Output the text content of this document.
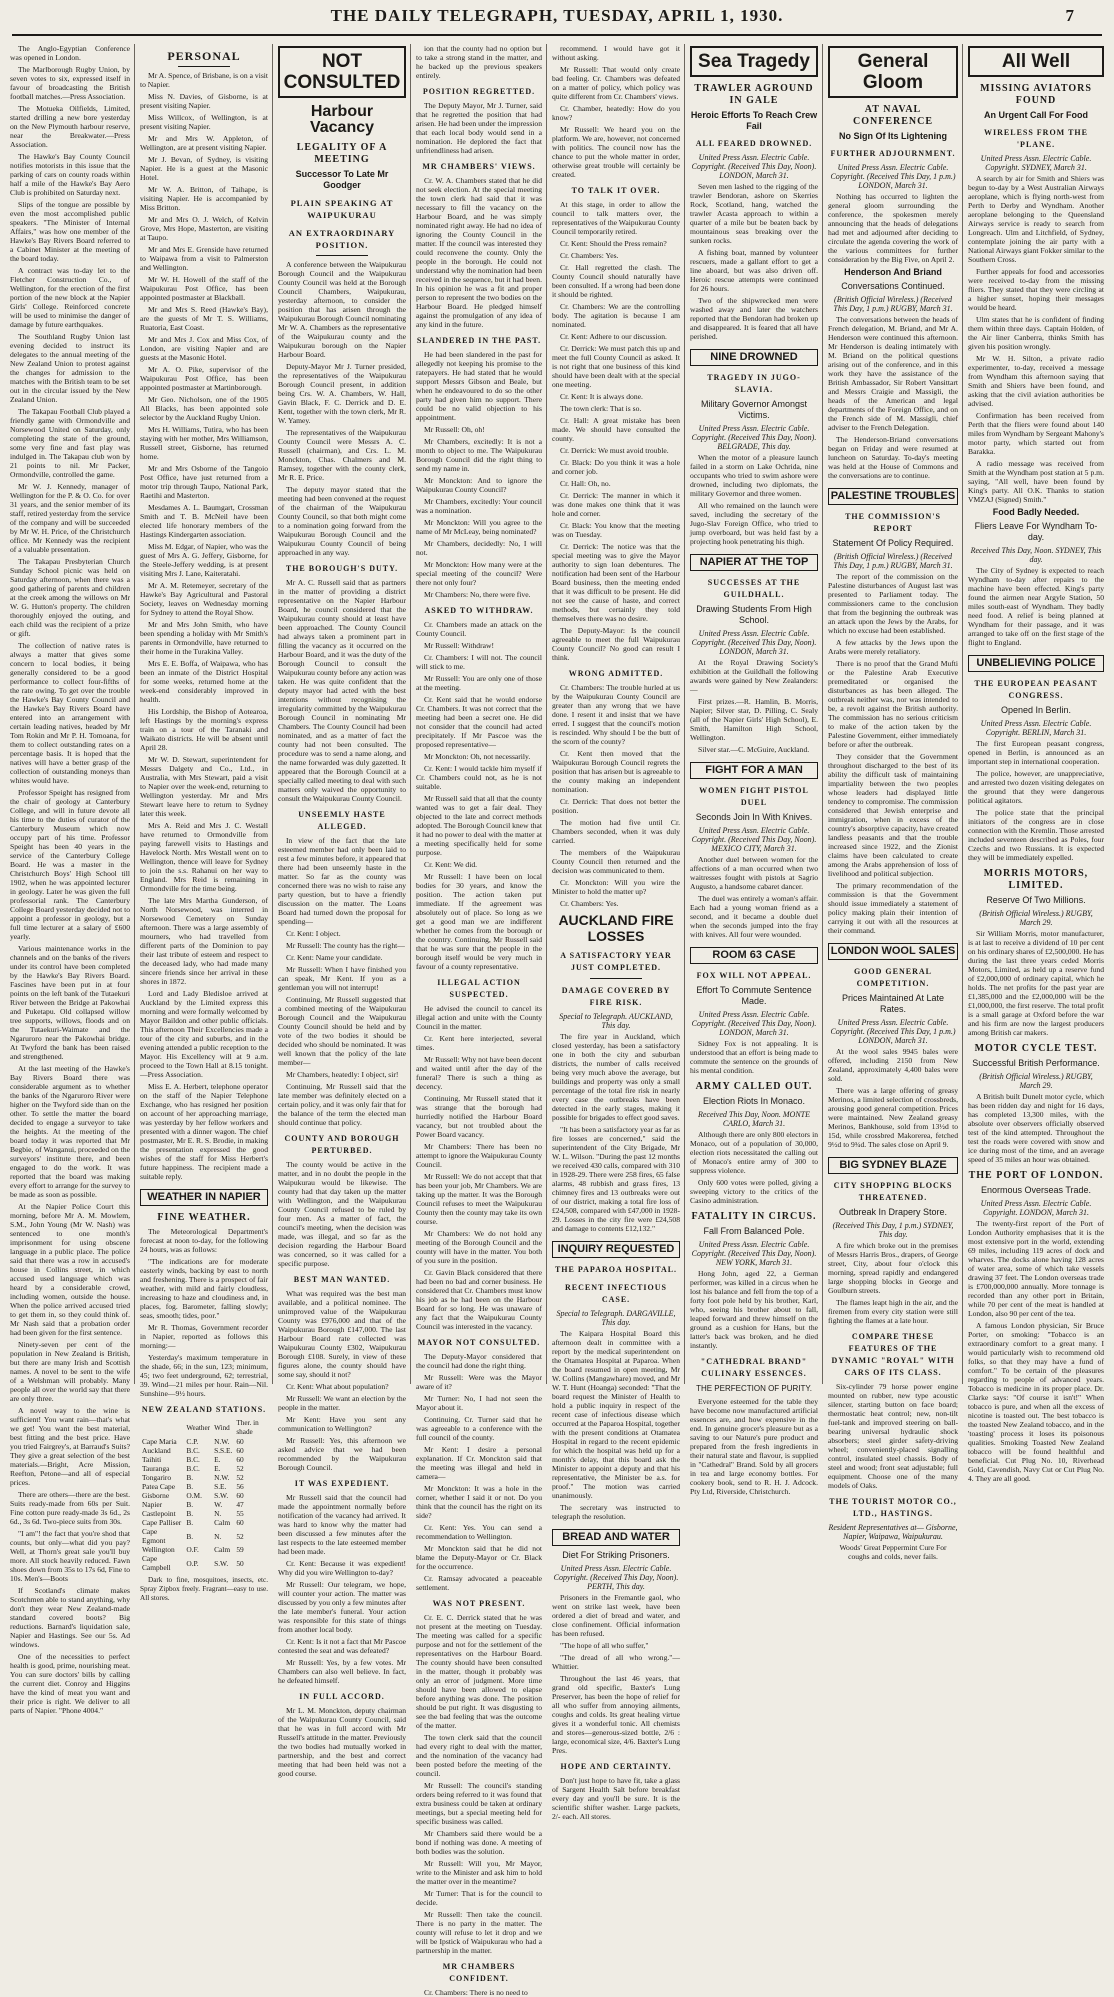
THE DAILY TELEGRAPH, TUESDAY, APRIL 1, 1930.	7

The Anglo-Egyptian Conference was opened in London.

The Marlborough Rugby Union, by seven votes to six, expressed itself in favour of broadcasting the British football matches.—Press Association.

The Motueka Oilfields, Limited, started drilling a new bore yesterday on the New Plymouth harbour reserve, near the Breakwater.—Press Association.

The Hawke's Bay County Council notifies motorists in this issue that the parking of cars on county roads within half a mile of the Hawke's Bay Aero Club is prohibited on Saturday next.

Slips of the tongue are possible by even the most accomplished public speakers. "The Minister of Internal Affairs," was how one member of the Hawke's Bay Rivers Board referred to a Cabinet Minister at the meeting of the board today.

A contract was to-day let to the Fletcher Construction Co., of Wellington, for the erection of the first portion of the new block at the Napier Girls' College. Reinforced concrete will be used to minimise the danger of damage by future earthquakes.

The Southland Rugby Union last evening decided to instruct its delegates to the annual meeting of the New Zealand Union to protest against the changes for admission to the matches with the British team to be set out in the circular issued by the New Zealand Union.

The Takapau Football Club played a friendly game with Ormondville and Norsewood United on Saturday, only completing the state of the ground, some very fine and fast play was indulged in. The Takapau club won by 21 points to nil. Mr Packer, Ormondville, controlled the game.

Mr W. J. Kennedy, manager of Wellington for the P. & O. Co. for over 31 years, and the senior member of its staff, retired yesterday from the service of the company and will be succeeded by Mr W. H. Price, of the Christchurch office. Mr Kennedy was the recipient of a valuable presentation.

The Takapau Presbyterian Church Sunday School picnic was held on Saturday afternoon, when there was a good gathering of parents and children at the creek among the willows on Mr W. G. Hutton's property. The children thoroughly enjoyed the outing, and each child was the recipient of a prize or gift.

The collection of native rates is always a matter that gives some concern to local bodies, it being generally considered to be a good performance to collect four-fifths of the rate owing. To get over the trouble the Hawke's Bay County Council and the Hawke's Bay Rivers Board have entered into an arrangement with certain leading natives, headed by Mr Tom Rokin and Mr P. H. Tomoana, for them to collect outstanding rates on a percentage basis. It is hoped that the natives will have a better grasp of the collection of outstanding moneys than whites would have.

Professor Speight has resigned from the chair of geology at Canterbury College, and will in future devote all his time to the duties of curator of the Canterbury Museum which now occupy part of his time. Professor Speight has been 40 years in the service of the Canterbury College Board. He was a master in the Christchurch Boys' High School till 1902, when he was appointed lecturer in geology. Later he was given the full professorial rank. The Canterbury College Board yesterday decided not to appoint a professor in geology, but a full time lecturer at a salary of £600 yearly.

Various maintenance works in the channels and on the banks of the rivers under its control have been completed by the Hawke's Bay Rivers Board. Fascines have been put in at four points on the left bank of the Tutaekuri River between the Bridge at Pakowhai and Puketapu. Old collapsed willow tree supports, willows, floods and on the Tutaekuri-Waimate and the Ngaruroro near the Pakowhai bridge. At Twyford the bank has been raised and strengthened.

At the last meeting of the Hawke's Bay Rivers Board there was considerable argument as to whether the banks of the Ngaruroro River were higher on the Twyford side than on the other. To settle the matter the board decided to engage a surveyor to take the heights. At the meeting of the board today it was reported that Mr Begbie, of Wanganui, proceeded on the surveyors' institute there, and been engaged to do the work. It was reported that the board was making every effort to arrange for the survey to be made as soon as possible.

At the Napier Police Court this morning, before Mr A. M. Mowlem, S.M., John Young (Mr W. Nash) was sentenced to one month's imprisonment for using obscene language in a public place. The police said that there was a row in accused's house in Collins street, in which accused used language which was heard by a considerable crowd, including women, outside the house. When the police arrived accused tried to get them in, so they could think of. Mr Nash said that a probation order had been given for the first sentence.

Ninety-seven per cent of the population in New Zealand is British, but there are many Irish and Scottish names. A novel to be sent to the wife of a Welshman will probably. Many people all over the world say that there are only three.

A novel way to the wine is sufficient! You want rain—that's what we get! You want the best material, best fitting and the best price. Have you tried Fairgrey's, at Barraud's Suits? They give a great selection of the best materials.—Bright, Acre Mission, Reefton, Petone—and all of especial prices.

There are others—there are the best. Suits ready-made from 60s per Suit. Fine cotton pure ready-made 3s 6d., 2s 6d., 3s 6d. Two-piece suits from 30s.

"I am"! the fact that you're shod that counts, but only—what did you pay? Well, at Thorn's great sale you'll buy more. All stock heavily reduced. Fawn shoes down from 35s to 17s 6d, Fine to 10s. Men's—Boots

If Scotland's climate makes Scotchmen able to stand anything, why don't they wear New Zealand-made standard covered boots? Big reductions. Barnard's liquidation sale, Napier and Hastings. See our 5s. Ad windows.

One of the necessities to perfect health is good, prime, nourishing meat. You can sure doctors' bills by calling the current diet. Conroy and Higgins have the kind of meat you want and their price is right. We deliver to all parts of Napier. "Phone 4004."

PERSONAL

Mr A. Spence, of Brisbane, is on a visit to Napier.

Miss N. Davies, of Gisborne, is at present visiting Napier.

Miss Willcox, of Wellington, is at present visiting Napier.

Mr and Mrs W. Appleton, of Wellington, are at present visiting Napier.

Mr J. Bevan, of Sydney, is visiting Napier. He is a guest at the Masonic Hotel.

Mr W. A. Britton, of Taihape, is visiting Napier. He is accompanied by Miss Britton.

Mr and Mrs O. J. Welch, of Kelvin Grove, Mrs Hope, Masterton, are visiting at Taupo.

Mr and Mrs E. Grenside have returned to Waipawa from a visit to Palmerston and Wellington.

Mr W. H. Howell of the staff of the Waipukurau Post Office, has been appointed postmaster at Blackball.

Mr and Mrs S. Reed (Hawke's Bay), are the guests of Mr T. S. Williams, Ruatoria, East Coast.

Mr and Mrs J. Cox and Miss Cox, of London, are visiting Napier and are guests at the Masonic Hotel.

Mr A. O. Pike, supervisor of the Waipukurau Post Office, has been appointed postmaster at Martinborough.

Mr Geo. Nicholson, one of the 1905 All Blacks, has been appointed sole selector by the Auckland Rugby Union.

Mrs H. Williams, Tutira, who has been staying with her mother, Mrs Williamson, Russell street, Gisborne, has returned home.

Mr and Mrs Osborne of the Tangoio Post Office, have just returned from a motor trip through Taupo, National Park, Raetihi and Masterton.

Mesdames A. L. Baumgart, Crossman Smith and T. B. McNeil have been elected life honorary members of the Hastings Kindergarten association.

Miss M. Edgar, of Napier, who was the guest of Mrs A. G. Jeffery, Gisborne, for the Steele-Jeffery wedding, is at present visiting Mrs J. Lane, Kaiteratahi.

Mr A. M. Retemeyer, secretary of the Hawke's Bay Agricultural and Pastoral Society, leaves on Wednesday morning for Sydney to attend the Royal Show.

Mr and Mrs John Smith, who have been spending a holiday with Mr Smith's parents in Ormondville, have returned to their home in the Turakina Valley.

Mrs E. E. Boffa, of Waipawa, who has been an inmate of the District Hospital for some weeks, returned home at the week-end considerably improved in health.

His Lordship, the Bishop of Aotearoa, left Hastings by the morning's express train on a tour of the Taranaki and Waikato districts. He will be absent until April 28.

Mr W. D. Stewart, superintendent for Messrs Dalgety and Co., Ltd., in Australia, with Mrs Stewart, paid a visit to Napier over the week-end, returning to Wellington yesterday. Mr and Mrs Stewart leave here to return to Sydney later this week.

Mrs A. Reid and Mrs J. C. Westall have returned to Ormondville from paying farewell visits to Hastings and Havelock North. Mrs Westall went on to Wellington, thence will leave for Sydney to join the s.s. Rahanui on her way to England. Mrs Reid is remaining in Ormondville for the time being.

The late Mrs Martha Gunderson, of North Norsewood, was interred in Norsewood Cemetery on Sunday afternoon. There was a large assembly of mourners, who had travelled from different parts of the Dominion to pay their last tribute of esteem and respect to the deceased lady, who had made many sincere friends since her arrival in these shores in 1872.

Lord and Lady Bledisloe arrived at Auckland by the Limited express this morning and were formally welcomed by Mayor Baildon and other public officials. This afternoon Their Excellencies made a tour of the city and suburbs, and in the evening attended a public reception to the Mayor. His Excellency will at 9 a.m. proceed to the Town Hall at 8.15 tonight.—Press Association.

Miss E. A. Herbert, telephone operator on the staff of the Napier Telephone Exchange, who has resigned her position on account of her approaching marriage, was yesterday by her fellow workers and presented with a dinner wagon. The chief postmaster, Mr E. R. S. Brodie, in making the presentation expressed the good wishes of the staff for Miss Herbert's future happiness. The recipient made a suitable reply.

WEATHER IN NAPIER
FINE WEATHER.

The Meteorological Department's forecast at noon to-day, for the following 24 hours, was as follows:

"The indications are for moderate easterly winds, backing by east to north and freshening. There is a prospect of fair weather, with mild and fairly cloudless, increasing to haze and cloudiness and, in places, fog. Barometer, falling slowly; seas, smooth; tides, poor."

Mr R. Thomas, Government recorder in Napier, reported as follows this morning:—

Yesterday's maximum temperature in the shade, 66; in the sun, 123; minimum, 45; two feet underground, 62; terrestrial, 39. Wind—21 miles per hour. Rain—Nil. Sunshine—9½ hours.

NEW ZEALAND STATIONS.
	Weather	Wind	Ther. in shade
Cape Maria	C.P.	N.W.	60
Auckland	B.C.	S.S.E.	60
Taihiti	B.C.	E.	60
Tauranga	B.C.	E.	52
Tongariro	B.	N.W.	52
Patea Cape	B.	S.E.	56
Gisborne	O.M.	S.W.	60
Napier	B.	W.	47
Castlepoint	B.	N.	55
Cape Palliser	B.	Calm	60
Cape Egmont	B.	N.	52
Wellington	O.F.	Calm	59
Cape Campbell	O.P.	S.W.	50

Dark to fine, mosquitoes, insects, etc. Spray Zipbox freely. Fragrant—easy to use. All stores.

NOT CONSULTED
Harbour Vacancy
LEGALITY OF A MEETING
Successor To Late Mr Goodger
PLAIN SPEAKING AT WAIPUKURAU
AN EXTRAORDINARY POSITION.

A conference between the Waipukurau Borough Council and the Waipukurau County Council was held at the Borough Council Chambers, Waipukurau, yesterday afternoon, to consider the position that has arisen through the Waipukurau Borough Council nominating Mr W. A. Chambers as the representative of the Waipukurau county and the Waipukurau borough on the Napier Harbour Board.

Deputy-Mayor Mr J. Turner presided, the representatives of the Waipukurau Borough Council present, in addition being Crs. W. A. Chambers, W. Hall, Gavin Black, F. C. Derrick and D. E. Kent, together with the town clerk, Mr R. W. Yamey.

The representatives of the Waipukurau County Council were Messrs A. C. Russell (chairman), and Crs. L. M. Monckton, Chas. Chalmers and M. Ramsey, together with the county clerk, Mr R. E. Price.

The deputy mayor stated that the meeting had been convened at the request of the chairman of the Waipukurau County Council, so that both might come to a nomination going forward from the Waipukurau Borough Council and the Waipukurau County Council of being approached in any way.

THE BOROUGH'S DUTY.

Mr A. C. Russell said that as partners in the matter of providing a district representative on the Napier Harbour Board, he council considered that the Waipukurau county should at least have been approached. The County Council had always taken a prominent part in filling the vacancy as it occurred on the Harbour Board, and it was the duty of the Borough Council to consult the Waipukurau county before any action was taken. He was quite confident that the deputy mayor had acted with the best intentions without recognising the irregularity committed by the Waipukurau Borough Council in nominating Mr Chambers. The County Council had been nominated, and as a matter of fact the county had not been consulted. The procedure was to send a name along, and the name forwarded was duly gazetted. It appeared that the Borough Council at a specially called meeting to deal with such matters only waived the opportunity to consult the Waipukurau County Council.

UNSEEMLY HASTE ALLEGED.

In view of the fact that the late esteemed member had only been laid to rest a few minutes before, it appeared that there had been unseemly haste in the matter. So far as the county was concerned there was no wish to raise any party question, but to have a friendly discussion on the matter. The Loans Board had turned down the proposal for spending—

Cr. Kent: I object.

Mr Russell: The county has the right—

Cr. Kent: Name your candidate.

Mr Russell: When I have finished you can speak, Mr Kent. If you as a gentleman you will not interrupt!

Continuing, Mr Russell suggested that a combined meeting of the Waipukurau Borough Council and the Waipukurau County Council should be held and by vote of the two bodies it should be decided who should be nominated. It was well known that the policy of the late member—

Mr Chambers, heatedly: I object, sir!

Continuing, Mr Russell said that the late member was definitely elected on a certain policy, and it was only fair that for the balance of the term the elected man should continue that policy.

COUNTY AND BOROUGH PERTURBED.

The county would be active in the matter, and in no doubt the people in the Waipukurau would be likewise. The county had that day taken up the matter with Wellington, and the Waipukurau County Council refused to be ruled by four men. As a matter of fact, the council's meeting, when the decision was made, was illegal, and so far as the decision regarding the Harbour Board was concerned, so it was called for a specific purpose.

BEST MAN WANTED.

What was required was the best man available, and a political nominee. The unimproved value of the Waipukurau County was £976,000 and that of the Waipukurau Borough £147,000. The last Harbour Board rate collected was Waipukurau County £302, Waipukurau Borough £108. Surely, in view of these figures alone, the county should have some say, should it not?

Cr. Kent: What about population?

Mr Russell: We want an election by the people in the matter.

Mr Kent: Have you sent any communication to Wellington?

Mr Russell: Yes, this afternoon we asked advice that we had been recommended by the Waipukurau Borough Council.

IT WAS EXPEDIENT.

Mr Russell said that the council had made the appointment normally before notification of the vacancy had arrived. It was hard to know why the matter had been discussed a few minutes after the last respects to the late esteemed member had been made.

Cr. Kent: Because it was expedient! Why did you wire Wellington to-day?

Mr Russell: Our telegram, we hope, will counter your action. The matter was discussed by you only a few minutes after the late member's funeral. Your action was responsible for this state of things from another local body.

Cr. Kent: Is it not a fact that Mr Pascoe contested the seat and was defeated?

Mr Russell: Yes, by a few votes. Mr Chambers can also well believe. In fact, he defeated himself.

IN FULL ACCORD.

Mr L. M. Monckton, deputy chairman of the Waipukurau County Council, said that he was in full accord with Mr Russell's attitude in the matter. Previously the two bodies had mutually worked in partnership, and the best and correct meeting that had been held was not a good course.

ion that the county had no option but to take a strong stand in the matter, and he backed up the previous speakers entirely.

POSITION REGRETTED.

The Deputy Mayor, Mr J. Turner, said that he regretted the position that had arisen. He had been under the impression that each local body would send in a nomination. He deplored the fact that unfriendliness had arisen.

MR CHAMBERS' VIEWS.

Cr. W. A. Chambers stated that he did not seek election. At the special meeting the town clerk had said that it was necessary to fill the vacancy on the Harbour Board, and he was simply nominated right away. He had no idea of ignoring the County Council in the matter. If the council was interested they could reconvene the county. Only the people in the borough. He could not understand why the nomination had been received in the sequence, but it had been. In his opinion he was a fit and proper person to represent the two bodies on the Harbour Board. He pledged himself against the promulgation of any idea of any kind in the future.

SLANDERED IN THE PAST.

He had been slandered in the past for allegedly not keeping his promise to the ratepayers. He had stated that he would support Messrs Gibson and Beale, but when he endeavoured to do so the other party had given him no support. There could be no valid objection to his appointment.

Mr Russell: Oh, oh!

Mr Chambers, excitedly: It is not a month to object to me. The Waipukurau Borough Council did the right thing to send my name in.

Mr Monckton: And to ignore the Waipukurau County Council?

Mr Chambers, excitedly: Your council was a nomination.

Mr Monckton: Will you agree to the name of Mr McLeay, being nominated?

Mr Chambers, decidedly: No, I will not.

Mr Monckton: How many were at the special meeting of the council? Were there not only four?

Mr Chambers: No, there were five.

ASKED TO WITHDRAW.

Cr. Chambers made an attack on the County Council.

Mr Russell: Withdraw!

Cr. Chambers: I will not. The council will stick to me.

Mr Russell: You are only one of those at the meeting.

Cr. Kent said that he would endorse Cr. Chambers. It was not correct that the meeting had been a secret one. He did not consider that the council had acted precipitately. If Mr Pascoe was the proposed representative—

Mr Monckton: Oh, not necessarily.

Cr. Kent: I would tackle him myself if Cr. Chambers could not, as he is not suitable.

Mr Russell said that all that the county wanted was to get a fair deal. They objected to the late and correct methods adopted. The Borough Council knew that it had no power to deal with the matter at a meeting specifically held for some purpose.

Cr. Kent: We did.

Mr Russell: I have been on local bodies for 30 years, and know the position. The action taken put immediate. If the agreement was absolutely out of place. So long as we get a good man we are indifferent whether he comes from the borough or the country. Continuing, Mr Russell said that he was sure that the people in the borough itself would be very much in favour of a county representative.

ILLEGAL ACTION SUSPECTED.

He advised the council to cancel its illegal action and unite with the County Council in the matter.

Cr. Kent here interjected, several times.

Mr Russell: Why not have been decent and waited until after the day of the funeral? There is such a thing as decency.

Continuing, Mr Russell stated that it was strange that the borough had hurriedly notified the Harbour Board vacancy, but not troubled about the Power Board vacancy.

Mr Chambers: There has been no attempt to ignore the Waipukurau County Council.

Mr Russell: We do not accept that that has been your job, Mr Chambers. We are taking up the matter. It was the Borough Council refuses to meet the Waipukurau County then the county may take its own course.

Mr Chambers: We do not hold any meeting of the Borough Council and the county will have in the matter. You both of you sure in the position.

Cr. Gavin Black considered that there had been no bad and corner business. He considered that Cr. Chambers must know his job as he had been on the Harbour Board for so long. He was unaware of any fact that the Waipukurau County Council was interested in the vacancy.

MAYOR NOT CONSULTED.

The Deputy-Mayor considered that the council had done the right thing.

Mr Russell: Were was the Mayor aware of it?

Mr Turner: No, I had not seen the Mayor about it.

Continuing, Cr. Turner said that he was agreeable to a conference with the full council of the county.

Mr Kent: I desire a personal explanation. If Cr. Monckton said that the meeting was illegal and held in camera—

Mr Monckton: It was a hole in the corner, whether I said it or not. Do you think that the council has the right on its side?

Cr. Kent: Yes. You can send a recommendation to Wellington.

Mr Monckton said that he did not blame the Deputy-Mayor or Cr. Black for the occurrence.

Cr. Ramsay advocated a peaceable settlement.

WAS NOT PRESENT.

Cr. E. C. Derrick stated that he was not present at the meeting on Tuesday. The meeting was called for a specific purpose and not for the settlement of the representatives on the Harbour Board. The county should have been consulted in the matter, though it probably was only an error of judgment. More time should have been allowed to elapse before anything was done. The position should be put right. It was disgusting to see the bad feeling that was the outcome of the matter.

The town clerk said that the council had every right to deal with the matter, and the nomination of the vacancy had been posted before the meeting of the council.

Mr Russell: The council's standing orders being referred to it was found that extra business could be taken at ordinary meetings, but a special meeting held for specific business was called.

Mr Chambers said there would be a bond if nothing was done. A meeting of both bodies was the solution.

Mr Russell: Will you, Mr Mayor, write to the Minister and ask him to hold the matter over in the meantime?

Mr Turner: That is for the council to decide.

Mr Russell: Then take the council. There is no party in the matter. The county will refuse to let it drop and we will be Ipstick of Waipukurau who had a partnership in the matter.

MR CHAMBERS CONFIDENT.

Cr. Chambers: There is no need to

recommend. I would have got it without asking.

Mr Russell: That would only create bad feeling. Cr. Chambers was defeated on a matter of policy, which policy was quite different from Cr. Chambers' views.

Cr. Chamber, heatedly: How do you know?

Mr Russell: We heard you on the platform. We are, however, not concerned with politics. The council now has the chance to put the whole matter in order, otherwise great trouble will certainly be created.

TO TALK IT OVER.

At this stage, in order to allow the council to talk matters over, the representatives of the Waipukurau County Council temporarily retired.

Cr. Kent: Should the Press remain?

Cr. Chambers: Yes.

Cr. Hall regretted the clash. The County Council should naturally have been consulted. If a wrong had been done it should be righted.

Cr. Chambers: We are the controlling body. The agitation is because I am nominated.

Cr. Kent: Adhere to our discussion.

Cr. Derrick: We must patch this up and meet the full County Council as asked. It is not right that one business of this kind should have been dealt with at the special one meeting.

Cr. Kent: It is always done.

The town clerk: That is so.

Cr. Hall: A great mistake has been made. We should have consulted the county.

Cr. Derrick: We must avoid trouble.

Cr. Black: Do you think it was a hole and corner job.

Cr. Hall: Oh, no.

Cr. Derrick: The manner in which it was done makes one think that it was hole and corner.

Cr. Black: You know that the meeting was on Tuesday.

Cr. Derrick: The notice was that the special meeting was to give the Mayor authority to sign loan debentures. The notification had been sent of the Harbour Board business, then the meeting ended that it was difficult to be present. He did not see the cause of haste, and correct methods, but certainly they told themselves there was no desire.

The Deputy-Mayor: Is the council agreeable to meet the full Waipukurau County Council? No good can result I think.

WRONG ADMITTED.

Cr. Chambers: The trouble hurled at us by the Waipukurau County Council are greater than any wrong that we have done. I resent it and insist that we have erred. I suggest that the council's motion is rescinded. Why should I be the butt of the scorn of the county?

Cr. Kent then moved that the Waipukurau Borough Council regrets the position that has arisen but is agreeable to the county making an independent nomination.

Cr. Derrick: That does not better the position.

The motion had five until Cr. Chambers seconded, when it was duly carried.

The members of the Waipukurau County Council then returned and the decision was communicated to them.

Cr. Monckton: Will you wire the Minister to hold the matter up?

Cr. Chambers: Yes.

AUCKLAND FIRE LOSSES
A SATISFACTORY YEAR JUST COMPLETED.
DAMAGE COVERED BY FIRE RISK.
Special to Telegraph. AUCKLAND, This day.

The fire year in Auckland, which closed yesterday, has been a satisfactory one in both the city and suburban districts, the number of calls received being very much above the average, but buildings and property was only a small percentage of the total fire risk in nearly every case the outbreaks have been detected in the early stages, making it possible for brigades to effect good saves.

"It has been a satisfactory year as far as fire losses are concerned," said the superintendent of the City Brigade, Mr W. L. Wilson. "During the past 12 months we received 430 calls, compared with 310 in 1928-29. There were 258 fires, 65 false alarms, 48 rubbish and grass fires, 13 chimney fires and 13 outbreaks were out of our district, making a total fire loss of £24,508, compared with £47,000 in 1928-29. Losses in the city fire were £24,508 and damage to contents £12,132."

INQUIRY REQUESTED
THE PAPAROA HOSPITAL.
RECENT INFECTIOUS CASE.
Special to Telegraph. DARGAVILLE, This day.

The Kaipara Hospital Board this afternoon dealt in committee with a report by the medical superintendent on the Otamatea Hospital at Paparoa. When the board resumed in open meeting, Mr W. Collins (Mangawhare) moved, and Mr W. T. Hunt (Hoanga) seconded: "That the board request the Minister of Health to hold a public inquiry in respect of the recent case of infectious disease which occurred at the Paparoa Hospital, together with the present conditions at Otamatea Hospital in regard to the recent epidemic for which the hospital was held up for a month's delay, that this board ask the Minister to appoint a deputy and that his representative, the Minister be a.s. for proof." The motion was carried unanimously.

The secretary was instructed to telegraph the resolution.

BREAD AND WATER
Diet For Striking Prisoners.
United Press Assn. Electric Cable. Copyright. (Received This Day, Noon). PERTH, This day.

Prisoners in the Fremantle gaol, who went on strike last week, have been ordered a diet of bread and water, and close confinement. Official information has been refused.

"The hope of all who suffer,"

"The dread of all who wrong."—Whittier.

Throughout the last 46 years, that grand old specific, Baxter's Lung Preserver, has been the hope of relief for all who suffer from annoying ailments, coughs and colds. Its great healing virtue gives it a wonderful tonic. All chemists and stores—generous-sized bottle, 2/6 : large, economical size, 4/6. Baxter's Lung Pres.

HOPE AND CERTAINTY.

Don't just hope to have fit, take a glass of Sargent Health Salt before breakfast every day and you'll be sure. It is the scientific shifter washer. Large packets, 2/- each. All stores.

Sea Tragedy
TRAWLER AGROUND IN GALE
Heroic Efforts To Reach Crew Fail
ALL FEARED DROWNED.
United Press Assn. Electric Cable. Copyright. (Received This Day, Noon). LONDON, March 31.

Seven men lashed to the rigging of the trawler Bendoran, ashore on Skerries Rock, Scotland, hang, watched the trawler Acasta approach to within a quarter of a mile but be beaten back by mountainous seas breaking over the sunken rocks.

A fishing boat, manned by volunteer rescuers, made a gallant effort to get a line aboard, but was also driven off. Heroic rescue attempts were continued for 26 hours.

Two of the shipwrecked men were washed away and later the watchers reported that the Bendoran had broken up and disappeared. It is feared that all have perished.

NINE DROWNED
TRAGEDY IN JUGO-SLAVIA.
Military Governor Amongst Victims.
United Press Assn. Electric Cable. Copyright. (Received This Day, Noon). BELGRADE, This day.

When the motor of a pleasure launch failed in a storm on Lake Ochrida, nine occupants who tried to swim ashore were drowned, including two diplomats, the military Governor and three women.

All who remained on the launch were saved, including the secretary of the Jugo-Slav Foreign Office, who tried to jump overboard, but was held fast by a projecting hook penetrating his thigh.

NAPIER AT THE TOP
SUCCESSES AT THE GUILDHALL.
Drawing Students From High School.
United Press Assn. Electric Cable. Copyright. (Received This Day, Noon). LONDON, March 31.

At the Royal Drawing Society's exhibition at the Guildhall the following awards were gained by New Zealanders:—

First prizes.—R. Hamlin, B. Morris, Napier; Silver star, D. Pilling, C. Sealy (all of the Napier Girls' High School), E. Smith, Hamilton High School, Wellington.

Silver star.—C. McGuire, Auckland.

FIGHT FOR A MAN
WOMEN FIGHT PISTOL DUEL
Seconds Join In With Knives.
United Press Assn. Electric Cable. Copyright. (Received This Day, Noon). MEXICO CITY, March 31.

Another duel between women for the affections of a man occurred when two waitresses fought with pistols at Sagrio Augusto, a handsome cabaret dancer.

The duel was entirely a woman's affair. Each had a young woman friend as a second, and it became a double duel when the seconds jumped into the fray with knives. All four were wounded.

ROOM 63 CASE
FOX WILL NOT APPEAL.
Effort To Commute Sentence Made.
United Press Assn. Electric Cable. Copyright. (Received This Day, Noon). LONDON, March 31.

Sidney Fox is not appealing. It is understood that an effort is being made to commute the sentence on the grounds of his mental condition.

ARMY CALLED OUT.
Election Riots In Monaco.
Received This Day, Noon. MONTE CARLO, March 31.

Although there are only 800 electors in Monaco, out of a population of 30,000, election riots necessitated the calling out of Monaco's entire army of 300 to suppress violence.

Only 600 votes were polled, giving a sweeping victory to the critics of the Casino administration.

FATALITY IN CIRCUS.
Fall From Balanced Pole.
United Press Assn. Electric Cable. Copyright. (Received This Day, Noon). NEW YORK, March 31.

Hong John, aged 22, a German performer, was killed in a circus when he lost his balance and fell from the top of a forty foot pole held by his brother, Karl, who, seeing his brother about to fall, leaped forward and threw himself on the ground as a cushion for Hans, but the latter's back was broken, and he died instantly.

"CATHEDRAL BRAND" CULINARY ESSENCES.
THE PERFECTION OF PURITY.

Everyone esteemed for the table they have become now manufactured artificial essences are, and how expensive in the end. In genuine grocer's pleasure but as a saving to our Nature's pure product and prepared from the fresh ingredients in their natural state and flavour, is supplied in "Cathedral" Brand. Sold by all grocers in tea and large economy bottles. For cookery book, send to R. H. J. Adcock. Pty Ltd, Riverside, Christchurch.

General Gloom
AT NAVAL CONFERENCE
No Sign Of Its Lightening
FURTHER ADJOURNMENT.
United Press Assn. Electric Cable. Copyright. (Received This Day, 1 p.m.) LONDON, March 31.

Nothing has occurred to lighten the general gloom surrounding the conference, the spokesmen merely announcing that the heads of delegations had met and adjourned after deciding to circulate the agenda covering the work of the various committees for further consideration by the Big Five, on April 2.

Henderson And Briand
Conversations Continued.
(British Official Wireless.) (Received This Day, 1 p.m.) RUGBY, March 31.

The conversations between the heads of French delegation, M. Briand, and Mr A. Henderson were continued this afternoon. Mr Henderson is dealing intimately with M. Briand on the political questions arising out of the conference, and in this work they have the assistance of the British Ambassador, Sir Robert Vansittart and Messrs Craigie and Massigli, the heads of the American and legal departments of the Foreign Office, and on the French side of M. Massigli, chief adviser to the French Delegation.

The Henderson-Briand conversations began on Friday and were resumed at luncheon on Saturday. To-day's meeting was held at the House of Commons and the conversations are to continue.

PALESTINE TROUBLES
THE COMMISSION'S REPORT
Statement Of Policy Required.
(British Official Wireless.) (Received This Day, 1 p.m.) RUGBY, March 31.

The report of the commission on the Palestine disturbances of August last was presented to Parliament today. The commissioners came to the conclusion that from the beginning the outbreak was an attack upon the Jews by the Arabs, for which no excuse had been established.

A few attacks by the Jews upon the Arabs were merely retaliatory.

There is no proof that the Grand Mufti or the Palestine Arab Executive premeditated or organised the disturbances as has been alleged. The outbreak neither was, nor was intended to be, a revolt against the British authority. The commission has no serious criticism to make of the action taken by the Palestine Government, either immediately before or after the outbreak.

They consider that the Government throughout discharged to the best of its ability the difficult task of maintaining impartiality between the two peoples whose leaders had displayed little tendency to compromise. The commission considered that Jewish enterprise and immigration, when in excess of the country's absorptive capacity, have created landless peasants and that the trouble increased since 1922, and the Zionist claims have been calculated to create among the Arabs apprehension of loss of livelihood and political subjection.

The primary recommendation of the commission is that the Government should issue immediately a statement of policy making plain their intention of carrying it out with all the resources at their command.

LONDON WOOL SALES
GOOD GENERAL COMPETITION.
Prices Maintained At Late Rates.
United Press Assn. Electric Cable. Copyright. (Received This Day, 1 p.m.) LONDON, March 31.

At the wool sales 9945 bales were offered, including 2150 from New Zealand, approximately 4,400 bales were sold.

There was a large offering of greasy Merinos, a limited selection of crossbreds, arousing good general competition. Prices were maintained. New Zealand greasy Merinos, Bankhouse, sold from 13½d to 15d, while crossbred Makorerea, fetched 9½d to 9¾d. The sales close on April 9.

BIG SYDNEY BLAZE
CITY SHOPPING BLOCKS THREATENED.
Outbreak In Drapery Store.
(Received This Day, 1 p.m.) SYDNEY, This day.

A fire which broke out in the premises of Messrs Harris Bros., drapers, of George street, City, about four o'clock this morning, spread rapidly and endangered large shopping blocks in George and Goulburn streets.

The flames leapt high in the air, and the firemen from every city station were still fighting the flames at a late hour.

COMPARE THESE FEATURES OF THE DYNAMIC "ROYAL" WITH CARS OF ITS CLASS.

Six-cylinder 79 horse power engine mounted on rubber, new type acoustic silencer, starting button on face board; thermostatic heat control; new, non-tilt fuel-tank and improved steering on ball-bearing universal hydraulic shock absorbers; steel girder safety-driving wheel; conveniently-placed signalling control, insulated steel chassis. Body of steel and wood; front seat adjustable; full equipment. Choose one of the many models of Oaks.

THE TOURIST MOTOR CO., LTD., HASTINGS.
Resident Representatives at— Gisborne, Napier, Waipawa, Waipukurau.

Woods' Great Peppermint Cure For coughs and colds, never fails.

All Well
MISSING AVIATORS FOUND
An Urgent Call For Food
WIRELESS FROM THE 'PLANE.
United Press Assn. Electric Cable. Copyright. SYDNEY, March 31.

A search by air for Smith and Shiers was begun to-day by a West Australian Airways aeroplane, which is flying north-west from Perth to Derby and Wyndham. Another aeroplane belonging to the Queensland Airways service is ready to search from Longreach. Ulm and Litchfield, of Sydney, contemplate joining the air party with a National Airways giant Fokker similar to the Southern Cross.

Further appeals for food and accessories were received to-day from the missing fliers. They stated that they were circling at a higher sunset, hoping their messages would be heard.

Ulm states that he is confident of finding them within three days. Captain Holden, of the Air liner Canberra, thinks Smith has given his position wrongly.

Mr W. H. Silton, a private radio experimenter, to-day, received a message from Wyndham this afternoon saying that Smith and Shiers have been found, and asking that the civil aviation authorities be advised.

Confirmation has been received from Perth that the fliers were found about 140 miles from Wyndham by Sergeant Mahony's motor party, which started out from Barakka.

A radio message was received from Smith at the Wyndham post station at 5 p.m. saying, "All well, have been found by King's party. All O.K. Thanks to station VMZAJ (Signed) Smith."

Food Badly Needed.
Fliers Leave For Wyndham To-day.
Received This Day, Noon. SYDNEY, This day.

The City of Sydney is expected to reach Wyndham to-day after repairs to the machine have been effected. King's party found the airmen near Argyle Station, 50 miles south-east of Wyndham. They badly need food. A relief is being planned at Wyndham for their passage, and it was arranged to take off on the first stage of the flight to England.

UNBELIEVING POLICE
THE EUROPEAN PEASANT CONGRESS.
Opened In Berlin.
United Press Assn. Electric Cable. Copyright. BERLIN, March 31.

The first European peasant congress, opened in Berlin, is announced as an important step in international cooperation.

The police, however, are unappreciative, and arrested two dozen visiting delegates on the ground that they were dangerous political agitators.

The police state that the principal initiators of the congress are in close connection with the Kremlin. Those arrested included seventeen described as Poles, four Czechs and two Russians. It is expected they will be immediately expelled.

MORRIS MOTORS, LIMITED.
Reserve Of Two Millions.
(British Official Wireless.) RUGBY, March 29.

Sir William Morris, motor manufacturer, is at last to receive a dividend of 10 per cent on his ordinary shares of £2,500,000. He has during the last three years ceded Morris Motors, Limited, as held up a reserve fund of £2,000,000 of ordinary capital, which he holds. The net profits for the past year are £1,385,000 and the £2,000,000 will be the £1,000,000, the first reserve. The total profit is a small garage at Oxford before the war and his firm are now the largest producers among British car makers.

MOTOR CYCLE TEST.
Successful British Performance.
(British Official Wireless.) RUGBY, March 29.

A British built Dunelt motor cycle, which has been ridden day and night for 16 days, has completed 13,300 miles, with the absolute over observers officially observed test of the kind attempted. Throughout the test the roads were covered with snow and ice during most of the time, and an average speed of 35 miles an hour was obtained.

THE PORT OF LONDON.
Enormous Overseas Trade.
United Press Assn. Electric Cable. Copyright. LONDON, March 31.

The twenty-first report of the Port of London Authority emphasises that it is the most extensive port in the world, extending 69 miles, including 119 acres of dock and wharves. The docks alone having 128 acres of water area, some of which take vessels drawing 37 feet. The London overseas trade is £700,000,000 annually. More tonnage is recorded than any other port in Britain, while 70 per cent of the meat is handled at London, also 90 per cent of the tea.

A famous London physician, Sir Bruce Porter, on smoking: "Tobacco is an extraordinary comfort to a great many. I would particularly wish to recommend old folks, so that they may have a fund of comfort." To be certain of the pleasures regarding to people of advanced years. Tobacco is medicine in its proper place. Dr. Clarke says: "Of course it isn't!" When tobacco is pure, and when all the excess of nicotine is toasted out. The best tobacco is the toasted New Zealand tobacco, and in the 'toasting' process it loses its poisonous qualities. Smoking Toasted New Zealand tobacco will be found healthful and beneficial. Cut Plug No. 10, Riverhead Gold, Cavendish, Navy Cut or Cut Plug No. 4. They are all good.
